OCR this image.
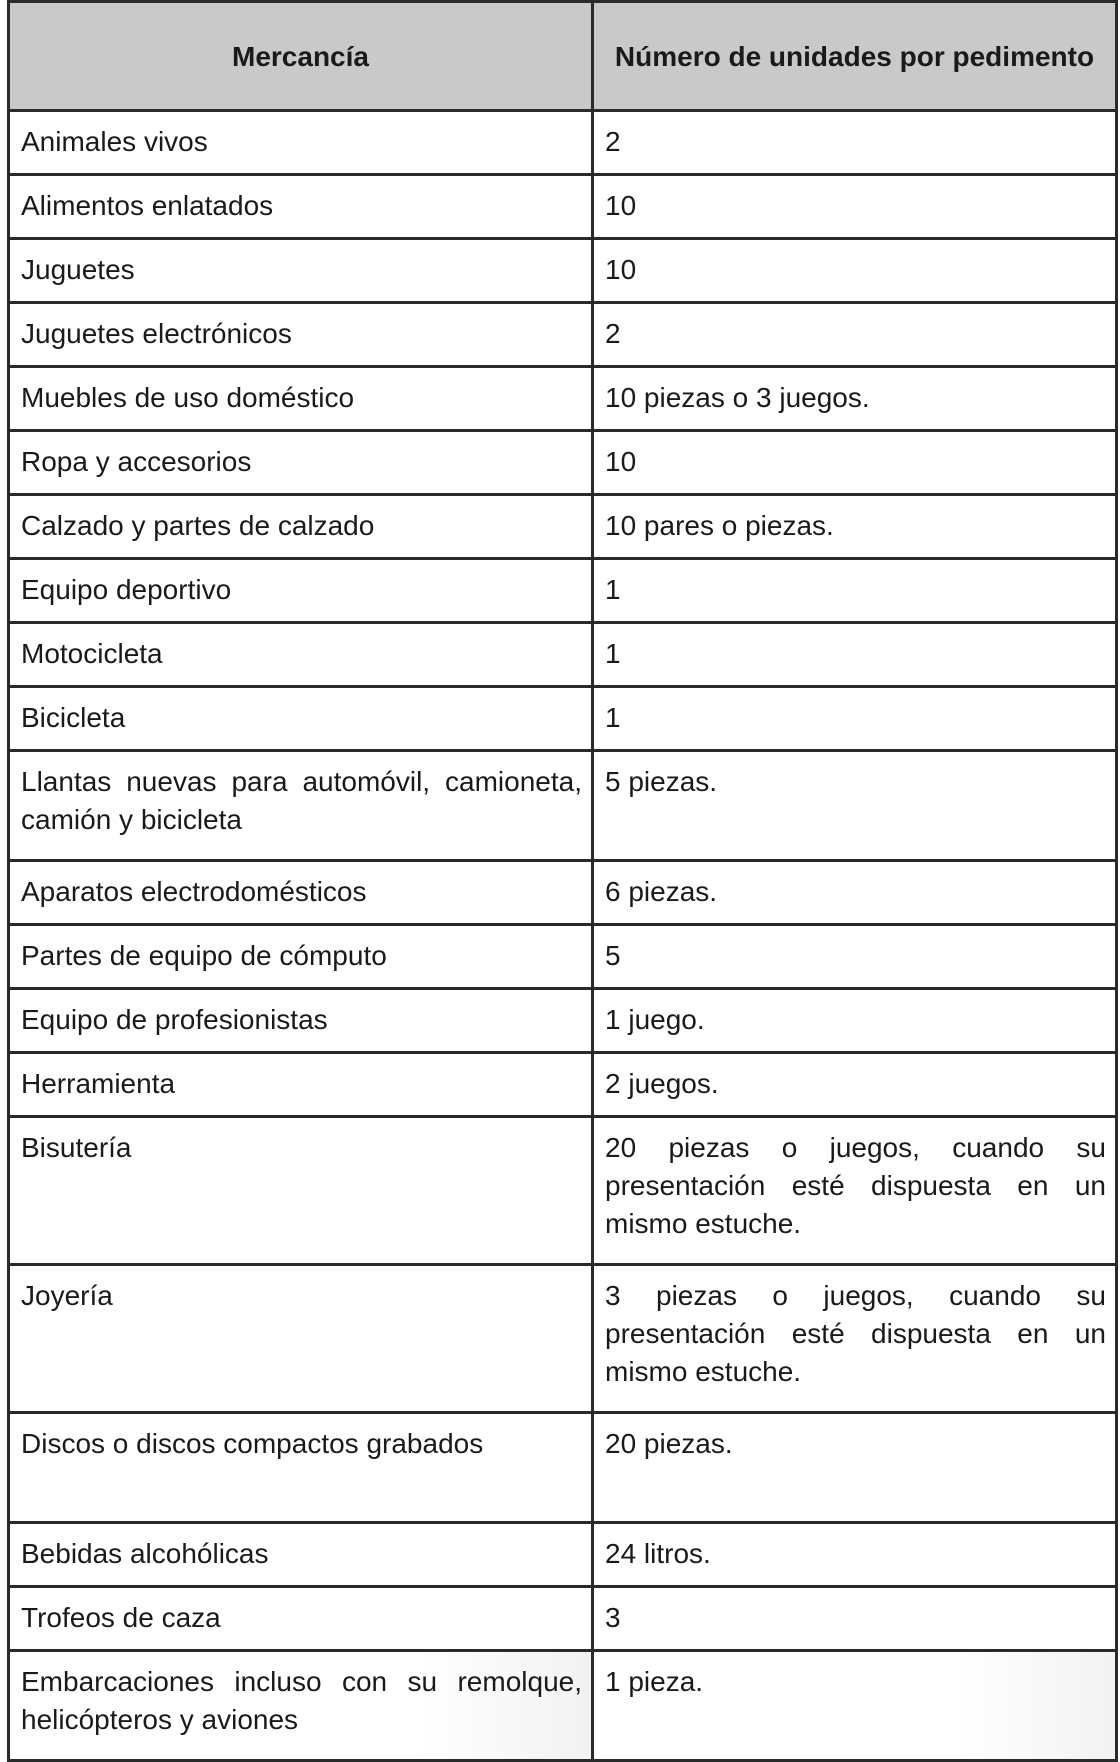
Mercancía	Número de unidades por pedimento
Animales vivos	2
Alimentos enlatados	10
Juguetes	10
Juguetes electrónicos	2
Muebles de uso doméstico	10 piezas o 3 juegos.
Ropa y accesorios	10
Calzado y partes de calzado	10 pares o piezas.
Equipo deportivo	1
Motocicleta	1
Bicicleta	1
Llantas nuevas para automóvil, camioneta, camión y bicicleta	5 piezas.
Aparatos electrodomésticos	6 piezas.
Partes de equipo de cómputo	5
Equipo de profesionistas	1 juego.
Herramienta	2 juegos.
Bisutería	20 piezas o juegos, cuando su presentación esté dispuesta en un mismo estuche.
Joyería	3 piezas o juegos, cuando su presentación esté dispuesta en un mismo estuche.
Discos o discos compactos grabados	20 piezas.
Bebidas alcohólicas	24 litros.
Trofeos de caza	3
Embarcaciones incluso con su remolque, helicópteros y aviones	1 pieza.
